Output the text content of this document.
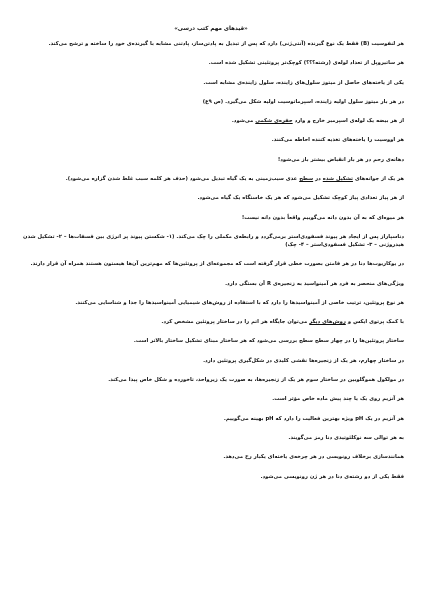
«قیدهای مهم کتب درسی»
هر لنفوسیت (B) فقط یک نوع گیرنده (آنتی‌ژنی) دارد که پس از تبدیل به پادتن‌ساز، پادتنی مشابه با گیرنده‌ی خود را ساخته و ترشح می‌کند.
هر ساتیروپل از تعداد لوله‌ی (رشته؟؟؟) کوچک‌تر پروتئینی تشکیل شده است.
یکی از یاخته‌های حاصل از میتوز سلول‌های زاینده، سلول زاینده‌ی مشابه است.
در هر بار میتوز سلول اولیه زاینده، اسپرماتوسیت اولیه شکل می‌گیرد. (ص ۹ع)
از هر بیضه یک لوله‌ی اسپرمبر خارج و وارد حفره‌ی شکمی می‌شود.
هر اووسیت را یاخته‌های تغذیه کننده احاطه می‌کنند.
دهانه‌ی رحم در هر بار انقباض بیشتر باز می‌شود!
هر یک از جوانه‌های تشکیل شده در سطح عدی سیب‌زمینی به یک گیاه تبدیل می‌شود (حذف هر کلمه سبب غلط شدن گزاره می‌شود).
از هر پیاز تعدادی پیاز کوچک تشکیل می‌شود که هر یک خاستگاه یک گیاه می‌شود.
هر میوه‌ای که به آن بدون دانه می‌گوییم واقعاً بدون دانه نیست!
دناسپاراز پس از ایجاد هر پیوند فسفودی‌استر برمی‌گردد و رابطه‌ی مکملی را چک می‌کند. (۱- شکستن پیوند پر انرژی بین فسفات‌ها – ۲- تشکیل شدن هیدروژنی – ۳- تشکیل فسفودی‌استر – ۴- چک)
در یوکاریوت‌ها دنا در هر فامتن بصورت خطی قرار گرفته است که مجموعه‌ای از پروتئین‌ها که مهم‌ترین آن‌ها هیستون هستند همراه آن قرار دارند.
ویژگی‌های منحصر به فرد هر آمینواسید به زنجیره‌ی R آن بستگی دارد.
هر نوع پروتئین، ترتیب خاصی از آمینواسیدها را دارد که با استفاده از روش‌های شیمیایی آمینواسیدها را جدا و شناسایی می‌کنند.
با کمک پرتوی ایکس و روش‌های دیگر می‌توان جایگاه هر اتم را در ساختار پروتئین مشخص کرد.
ساختار پروتئین‌ها را در چهار سطح سطح بررسی می‌شود که هر ساختار مبنای تشکیل ساختار بالاتر است.
در ساختار چهارم، هر یک از زنجیره‌ها نقشی کلیدی در شکل‌گیری پروتئین دارد.
در مولکول هموگلوبین در ساختار سوم هر یک از زنجیره‌ها، به صورت یک زیرواحد، تاخورده و شکل خاص پیدا می‌کند.
هر آنزیم روی یک یا چند پیش ماده خاص مؤثر است.
هر آنزیم در یک pH ویژه بهترین فعالیت را دارد که pH بهینه می‌گوییم.
به هر توالی سه نوکلئوتیدی دنا رمز می‌گویند.
همانندسازی برخلاف رونویسی در هر چرخه‌ی یاخته‌ای یکبار رخ می‌دهد.
فقط یکی از دو رشته‌ی دنا در هر ژن رونویسی می‌شود.
